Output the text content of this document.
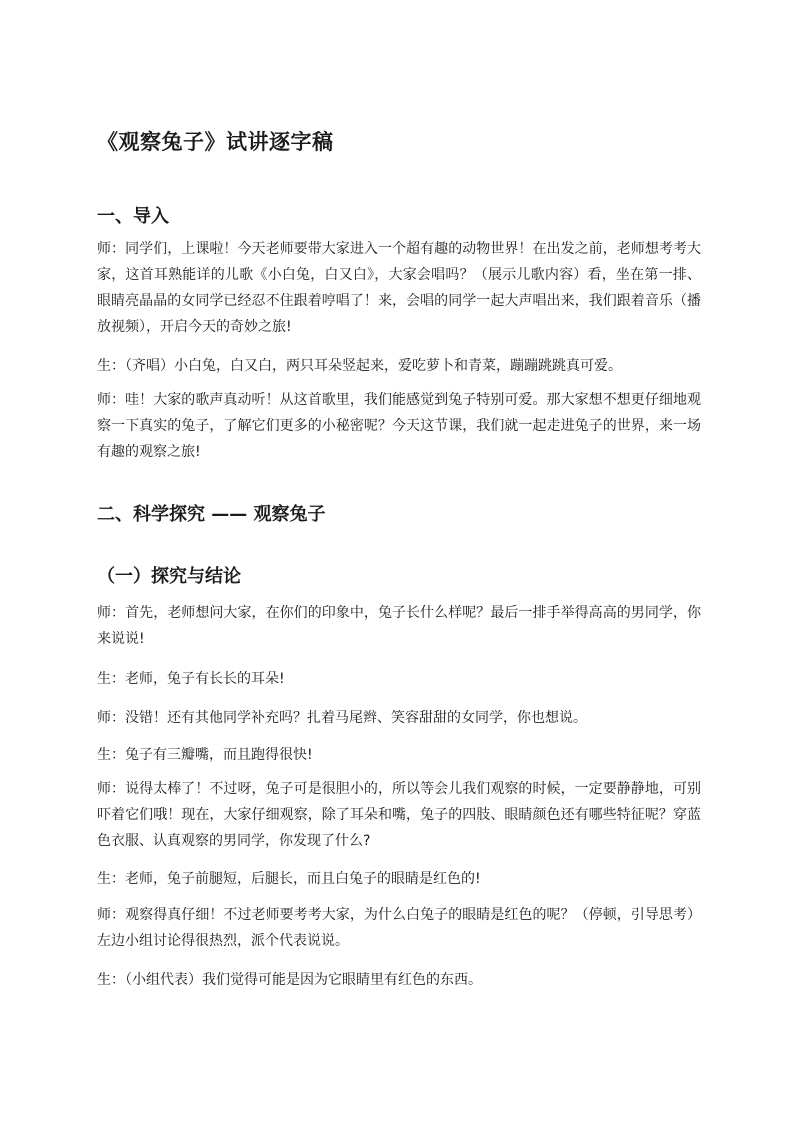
《观察兔子》试讲逐字稿
一、导入

师：同学们，上课啦！今天老师要带大家进入一个超有趣的动物世界！在出发之前，老师想考考大家，这首耳熟能详的儿歌《小白兔，白又白》，大家会唱吗？（展示儿歌内容）看，坐在第一排、眼睛亮晶晶的女同学已经忍不住跟着哼唱了！来，会唱的同学一起大声唱出来，我们跟着音乐（播放视频），开启今天的奇妙之旅!

生：（齐唱）小白兔，白又白，两只耳朵竖起来，爱吃萝卜和青菜，蹦蹦跳跳真可爱。

师：哇！大家的歌声真动听！从这首歌里，我们能感觉到兔子特别可爱。那大家想不想更仔细地观察一下真实的兔子，了解它们更多的小秘密呢？今天这节课，我们就一起走进兔子的世界，来一场有趣的观察之旅!

二、科学探究 —— 观察兔子
（一）探究与结论

师：首先，老师想问大家，在你们的印象中，兔子长什么样呢？最后一排手举得高高的男同学，你来说说!

生：老师，兔子有长长的耳朵!

师：没错！还有其他同学补充吗？扎着马尾辫、笑容甜甜的女同学，你也想说。

生：兔子有三瓣嘴，而且跑得很快!

师：说得太棒了！不过呀，兔子可是很胆小的，所以等会儿我们观察的时候，一定要静静地，可别吓着它们哦！现在，大家仔细观察，除了耳朵和嘴，兔子的四肢、眼睛颜色还有哪些特征呢？穿蓝色衣服、认真观察的男同学，你发现了什么?

生：老师，兔子前腿短，后腿长，而且白兔子的眼睛是红色的!

师：观察得真仔细！不过老师要考考大家，为什么白兔子的眼睛是红色的呢？（停顿，引导思考）左边小组讨论得很热烈，派个代表说说。

生：（小组代表）我们觉得可能是因为它眼睛里有红色的东西。
